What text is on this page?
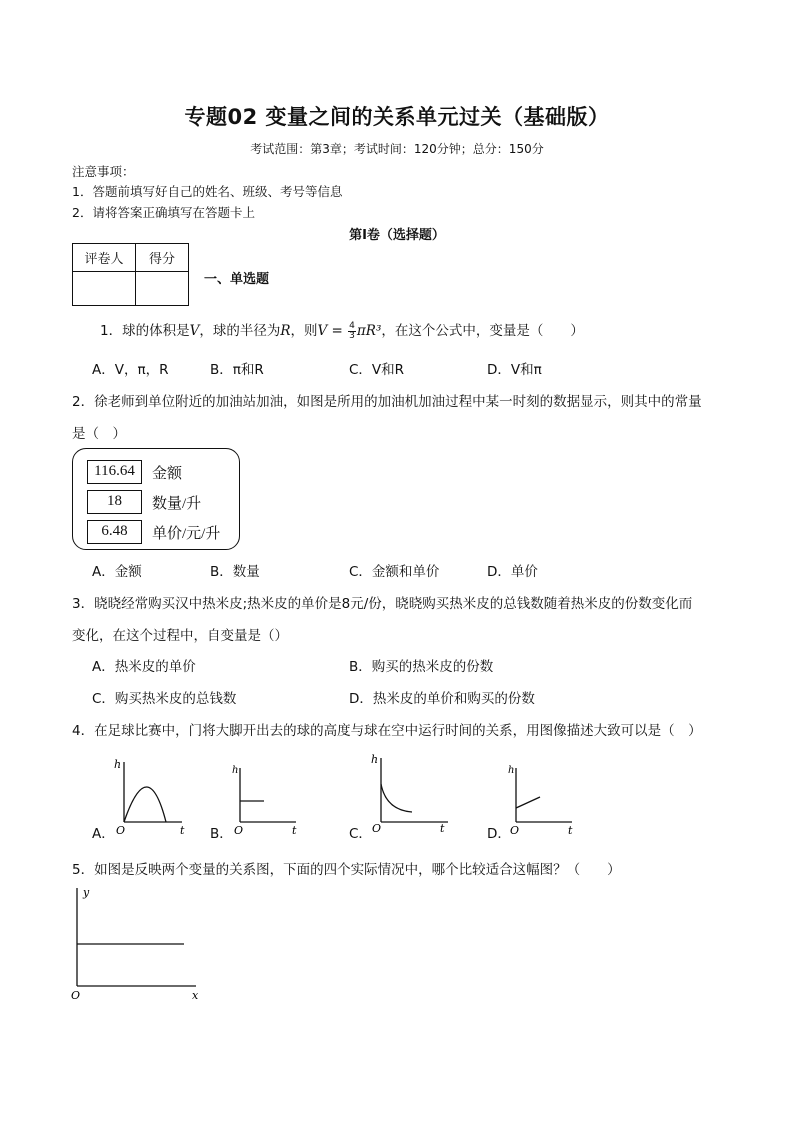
专题02 变量之间的关系单元过关（基础版）
考试范围：第3章；考试时间：120分钟；总分：150分
注意事项：
1．答题前填写好自己的姓名、班级、考号等信息
2．请将答案正确填写在答题卡上
第I卷（选择题）
评卷人	得分

一、单选题
1．球的体积是V，球的半径为R，则$V = \frac{4}{3} \pi R^3$，在这个公式中，变量是（　　）
A．V，π，R	B．π和R	C．V和R	D．V和π
2．徐老师到单位附近的加油站加油，如图是所用的加油机加油过程中某一时刻的数据显示，则其中的常量
是（　）
116.64	金额
18	数量/升
6.48	单价/元/升
A．金额	B．数量	C．金额和单价	D．单价
3．晓晓经常购买汉中热米皮;热米皮的单价是8元/份，晓晓购买热米皮的总钱数随着热米皮的份数变化而
变化，在这个过程中，自变量是（）
A．热米皮的单价	B．购买的热米皮的份数
C．购买热米皮的总钱数	D．热米皮的单价和购买的份数
4．在足球比赛中，门将大脚开出去的球的高度与球在空中运行时间的关系，用图像描述大致可以是（　）
A．
h
O	t B．
h
O	t	C．
h
O	t	D．
h
O	t
5．如图是反映两个变量的关系图，下面的四个实际情况中，哪个比较适合这幅图？（　　）
y
O	x
